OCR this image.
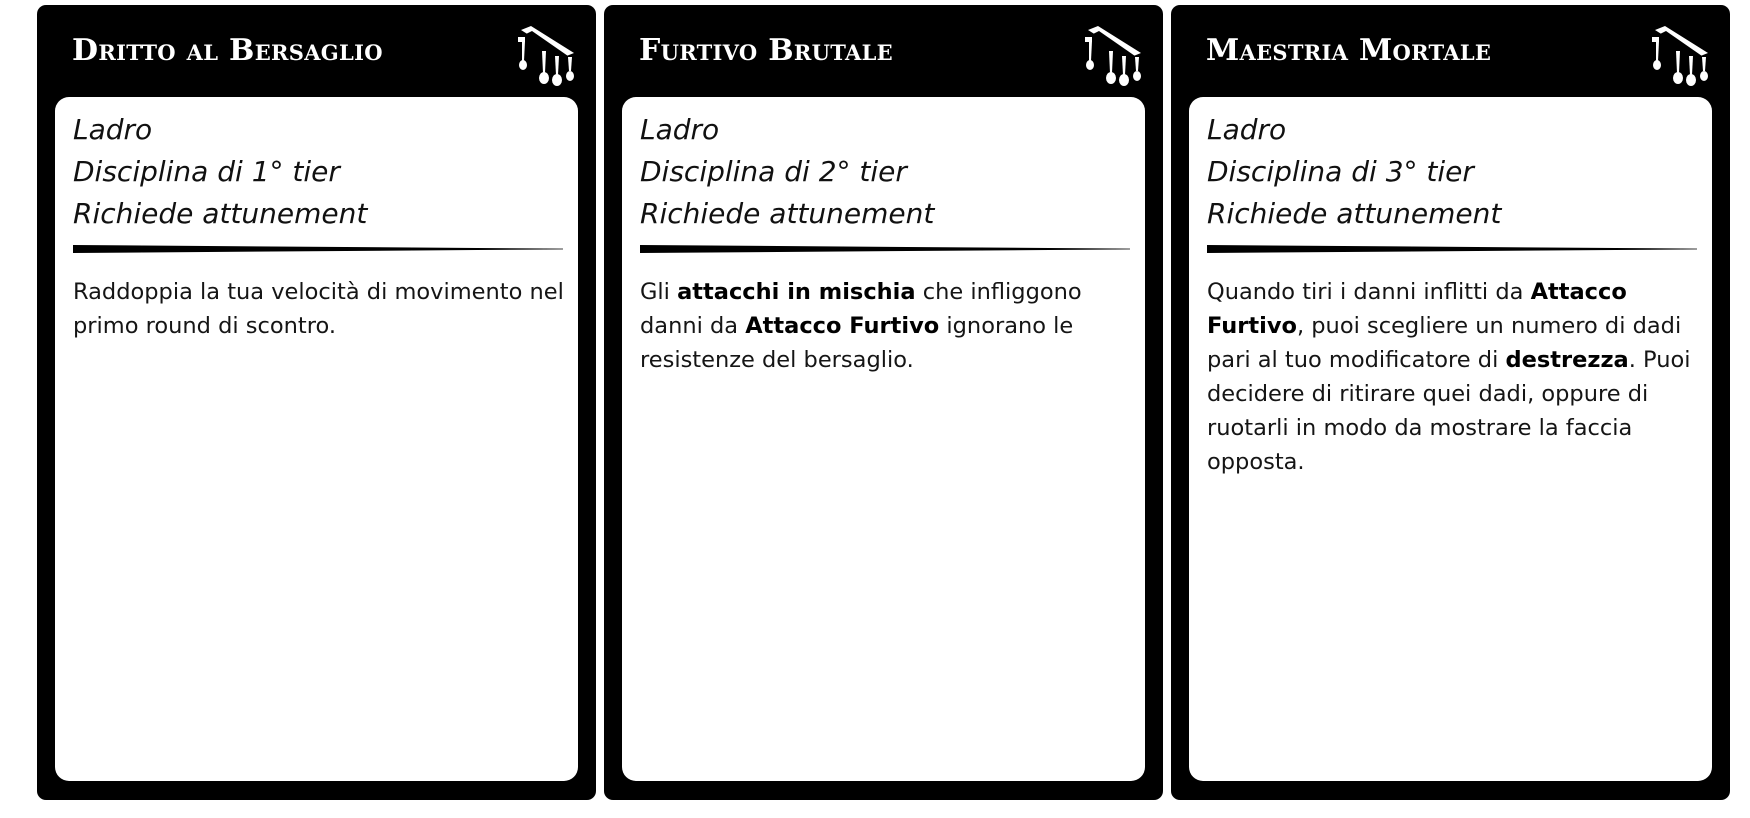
Dritto al Bersaglio
Ladro
Disciplina di 1° tier
Richiede attunement
Raddoppia la tua velocità di movimento nel primo round di scontro.
Furtivo Brutale
Ladro
Disciplina di 2° tier
Richiede attunement
Gli attacchi in mischia che infliggono danni da Attacco Furtivo ignorano le resistenze del bersaglio.
Maestria Mortale
Ladro
Disciplina di 3° tier
Richiede attunement
Quando tiri i danni inflitti da Attacco Furtivo, puoi scegliere un numero di dadi pari al tuo modificatore di destrezza. Puoi decidere di ritirare quei dadi, oppure di ruotarli in modo da mostrare la faccia opposta.
